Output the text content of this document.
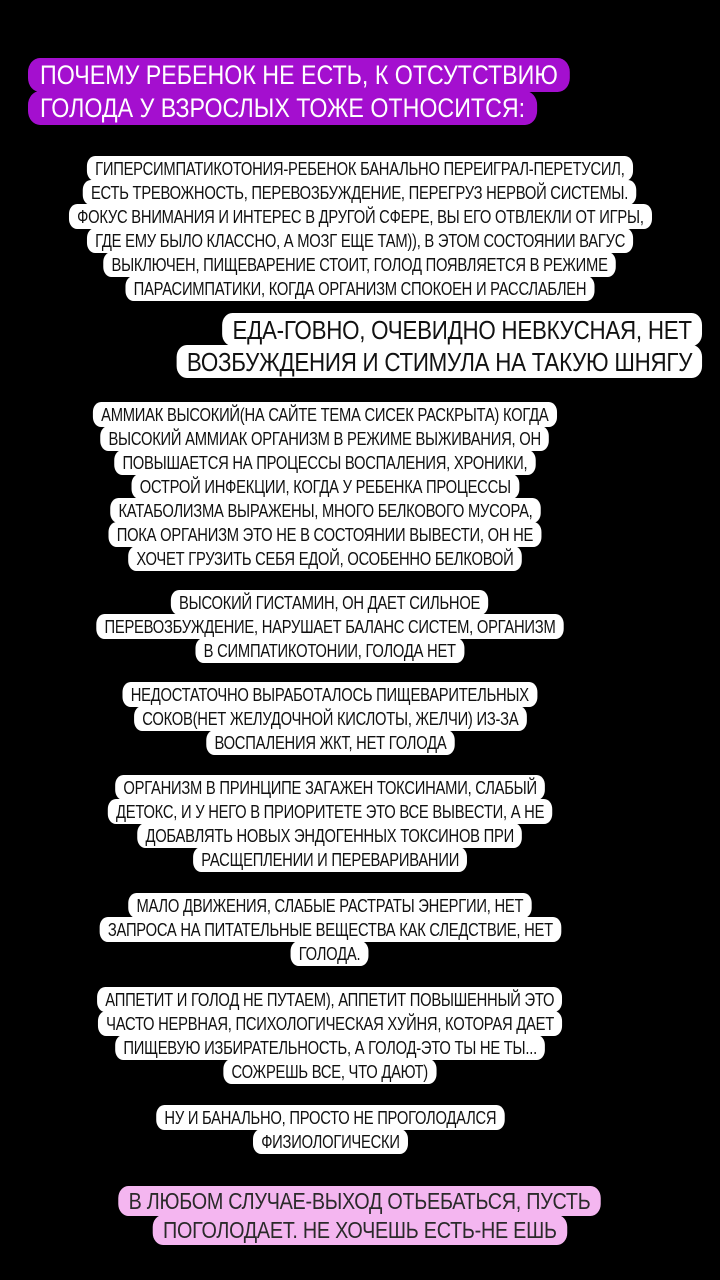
ПОЧЕМУ РЕБЕНОК НЕ ЕСТЬ, К ОТСУТСТВИЮ
ГОЛОДА У ВЗРОСЛЫХ ТОЖЕ ОТНОСИТСЯ:
ГИПЕРСИМПАТИКОТОНИЯ-РЕБЕНОК БАНАЛЬНО ПЕРЕИГРАЛ-ПЕРЕТУСИЛ,
ЕСТЬ ТРЕВОЖНОСТЬ, ПЕРЕВОЗБУЖДЕНИЕ, ПЕРЕГРУЗ НЕРВОЙ СИСТЕМЫ.
ФОКУС ВНИМАНИЯ И ИНТЕРЕС В ДРУГОЙ СФЕРЕ, ВЫ ЕГО ОТВЛЕКЛИ ОТ ИГРЫ,
ГДЕ ЕМУ БЫЛО КЛАССНО, А МОЗГ ЕЩЕ ТАМ)), В ЭТОМ СОСТОЯНИИ ВАГУС
ВЫКЛЮЧЕН, ПИЩЕВАРЕНИЕ СТОИТ, ГОЛОД ПОЯВЛЯЕТСЯ В РЕЖИМЕ
ПАРАСИМПАТИКИ, КОГДА ОРГАНИЗМ СПОКОЕН И РАССЛАБЛЕН
ЕДА-ГОВНО, ОЧЕВИДНО НЕВКУСНАЯ, НЕТ
ВОЗБУЖДЕНИЯ И СТИМУЛА НА ТАКУЮ ШНЯГУ
АММИАК ВЫСОКИЙ(НА САЙТЕ ТЕМА СИСЕК РАСКРЫТА) КОГДА
ВЫСОКИЙ АММИАК ОРГАНИЗМ В РЕЖИМЕ ВЫЖИВАНИЯ, ОН
ПОВЫШАЕТСЯ НА ПРОЦЕССЫ ВОСПАЛЕНИЯ, ХРОНИКИ,
ОСТРОЙ ИНФЕКЦИИ, КОГДА У РЕБЕНКА ПРОЦЕССЫ
КАТАБОЛИЗМА ВЫРАЖЕНЫ, МНОГО БЕЛКОВОГО МУСОРА,
ПОКА ОРГАНИЗМ ЭТО НЕ В СОСТОЯНИИ ВЫВЕСТИ, ОН НЕ
ХОЧЕТ ГРУЗИТЬ СЕБЯ ЕДОЙ, ОСОБЕННО БЕЛКОВОЙ
ВЫСОКИЙ ГИСТАМИН, ОН ДАЕТ СИЛЬНОЕ
ПЕРЕВОЗБУЖДЕНИЕ, НАРУШАЕТ БАЛАНС СИСТЕМ, ОРГАНИЗМ
В СИМПАТИКОТОНИИ, ГОЛОДА НЕТ
НЕДОСТАТОЧНО ВЫРАБОТАЛОСЬ ПИЩЕВАРИТЕЛЬНЫХ
СОКОВ(НЕТ ЖЕЛУДОЧНОЙ КИСЛОТЫ, ЖЕЛЧИ) ИЗ-ЗА
ВОСПАЛЕНИЯ ЖКТ, НЕТ ГОЛОДА
ОРГАНИЗМ В ПРИНЦИПЕ ЗАГАЖЕН ТОКСИНАМИ, СЛАБЫЙ
ДЕТОКС, И У НЕГО В ПРИОРИТЕТЕ ЭТО ВСЕ ВЫВЕСТИ, А НЕ
ДОБАВЛЯТЬ НОВЫХ ЭНДОГЕННЫХ ТОКСИНОВ ПРИ
РАСЩЕПЛЕНИИ И ПЕРЕВАРИВАНИИ
МАЛО ДВИЖЕНИЯ, СЛАБЫЕ РАСТРАТЫ ЭНЕРГИИ, НЕТ
ЗАПРОСА НА ПИТАТЕЛЬНЫЕ ВЕЩЕСТВА КАК СЛЕДСТВИЕ, НЕТ
ГОЛОДА.
АППЕТИТ И ГОЛОД НЕ ПУТАЕМ), АППЕТИТ ПОВЫШЕННЫЙ ЭТО
ЧАСТО НЕРВНАЯ, ПСИХОЛОГИЧЕСКАЯ ХУЙНЯ, КОТОРАЯ ДАЕТ
ПИЩЕВУЮ ИЗБИРАТЕЛЬНОСТЬ, А ГОЛОД-ЭТО ТЫ НЕ ТЫ...
СОЖРЕШЬ ВСЕ, ЧТО ДАЮТ)
НУ И БАНАЛЬНО, ПРОСТО НЕ ПРОГОЛОДАЛСЯ
ФИЗИОЛОГИЧЕСКИ
В ЛЮБОМ СЛУЧАЕ-ВЫХОД ОТЬЕБАТЬСЯ, ПУСТЬ
ПОГОЛОДАЕТ. НЕ ХОЧЕШЬ ЕСТЬ-НЕ ЕШЬ
